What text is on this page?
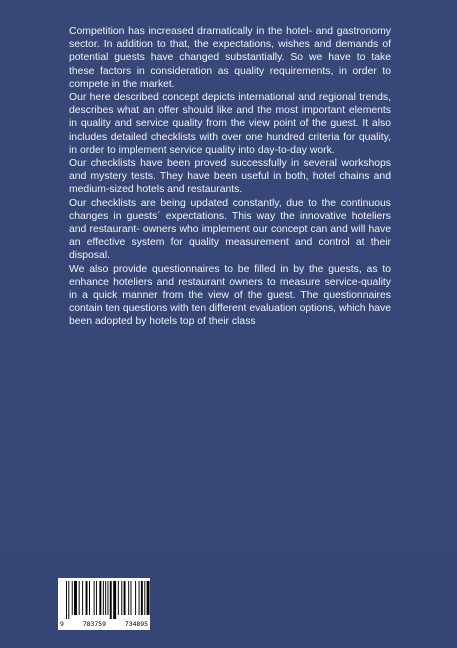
Competition has increased dramatically in the hotel- and gastronomy sector. In addition to that, the expectations, wishes and demands of potential guests have changed substantially. So we have to take these factors in consideration as quality requirements, in order to compete in the market.

Our here described concept depicts international and regional trends, describes what an offer should like and the most important elements in quality and service quality from the view point of the guest. It also includes detailed checklists with over one hundred criteria for quality, in order to implement service quality into day-to-day work.

Our checklists have been proved successfully in several workshops and mystery tests. They have been useful in both, hotel chains and medium-sized hotels and restaurants.

Our checklists are being updated constantly, due to the continuous changes in guests´ expectations. This way the innovative hoteliers and restaurant- owners who implement our concept can and will have an effective system for quality measurement and control at their disposal.

We also provide questionnaires to be filled in by the guests, as to enhance hoteliers and restaurant owners to measure service-quality in a quick manner from the view of the guest. The questionnaires contain ten questions with ten different evaluation options, which have been adopted by hotels top of their class

9	783759	734895
